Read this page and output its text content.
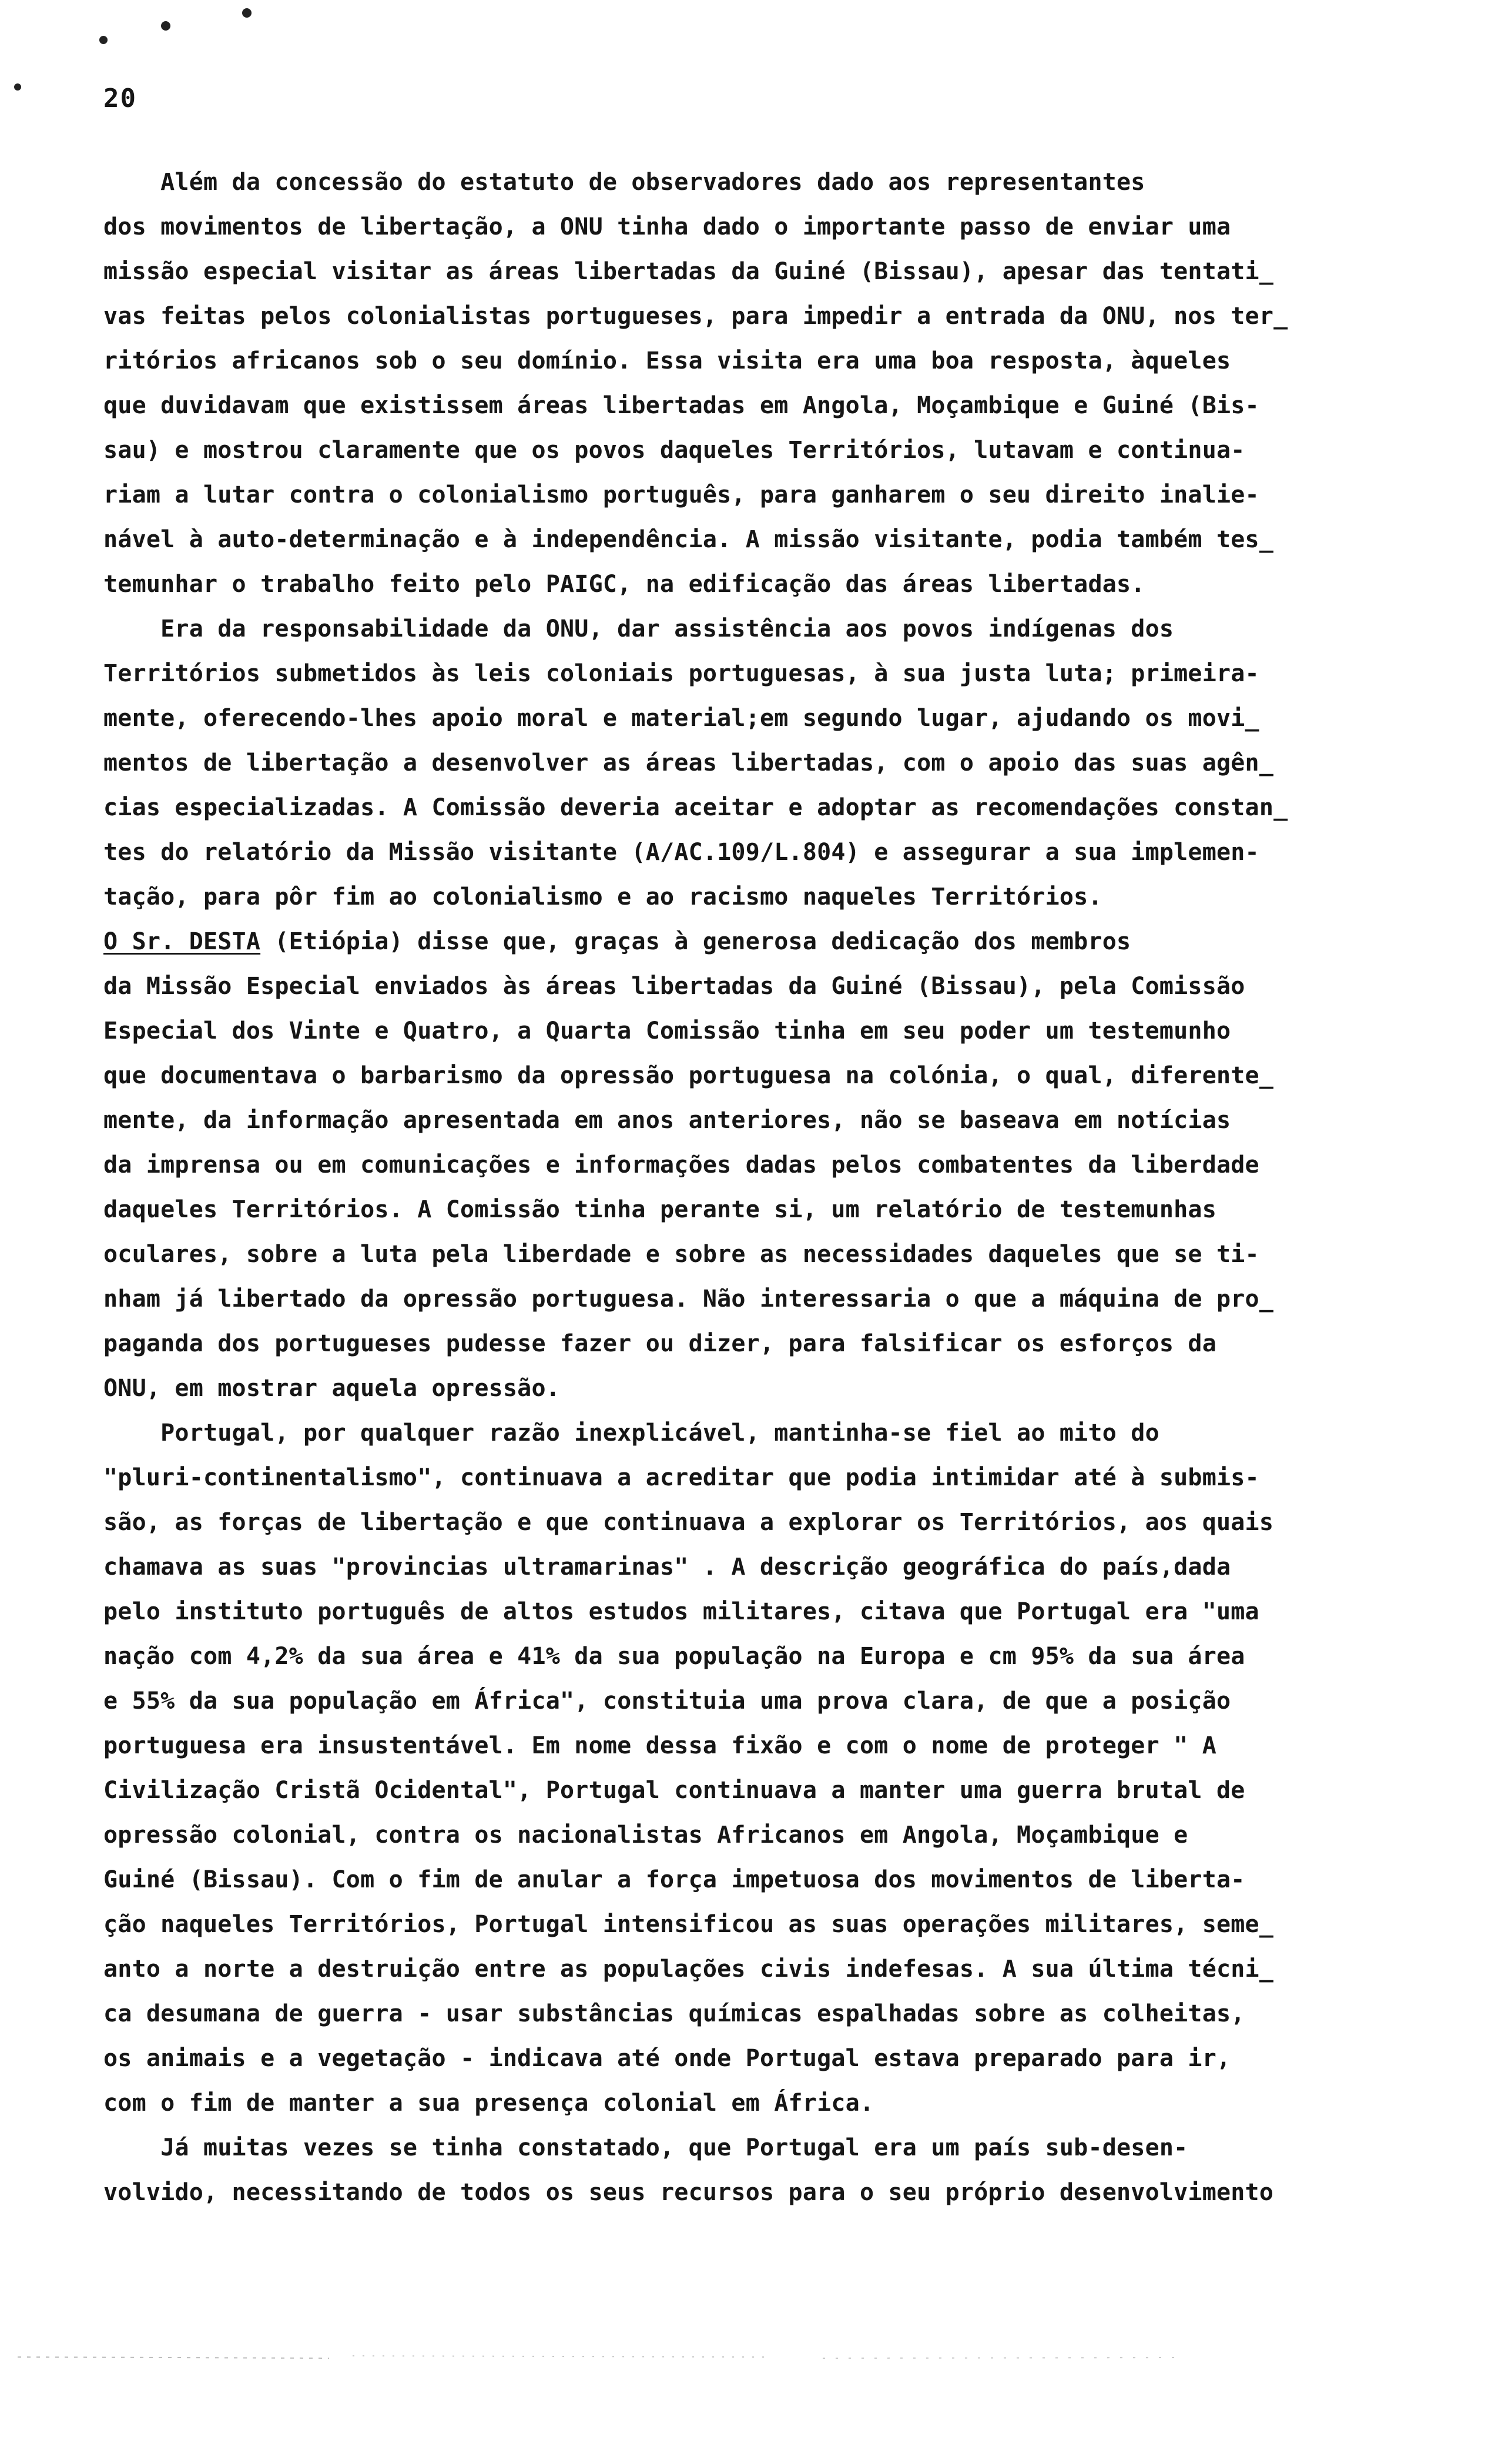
20
Além da concessão do estatuto de observadores dado aos representantes
dos movimentos de libertação, a ONU tinha dado o importante passo de enviar uma
missão especial visitar as áreas libertadas da Guiné (Bissau), apesar das tentati_
vas feitas pelos colonialistas portugueses, para impedir a entrada da ONU, nos ter_
ritórios africanos sob o seu domínio. Essa visita era uma boa resposta, àqueles
que duvidavam que existissem áreas libertadas em Angola, Moçambique e Guiné (Bis-
sau) e mostrou claramente que os povos daqueles Territórios, lutavam e continua-
riam a lutar contra o colonialismo português, para ganharem o seu direito inalie-
nável à auto-determinação e à independência. A missão visitante, podia também tes_
temunhar o trabalho feito pelo PAIGC, na edificação das áreas libertadas.
Era da responsabilidade da ONU, dar assistência aos povos indígenas dos
Territórios submetidos às leis coloniais portuguesas, à sua justa luta; primeira-
mente, oferecendo-lhes apoio moral e material;em segundo lugar, ajudando os movi_
mentos de libertação a desenvolver as áreas libertadas, com o apoio das suas agên_
cias especializadas. A Comissão deveria aceitar e adoptar as recomendações constan_
tes do relatório da Missão visitante (A/AC.109/L.804) e assegurar a sua implemen-
tação, para pôr fim ao colonialismo e ao racismo naqueles Territórios.
O Sr. DESTA (Etiópia) disse que, graças à generosa dedicação dos membros
da Missão Especial enviados às áreas libertadas da Guiné (Bissau), pela Comissão
Especial dos Vinte e Quatro, a Quarta Comissão tinha em seu poder um testemunho
que documentava o barbarismo da opressão portuguesa na colónia, o qual, diferente_
mente, da informação apresentada em anos anteriores, não se baseava em notícias
da imprensa ou em comunicações e informações dadas pelos combatentes da liberdade
daqueles Territórios. A Comissão tinha perante si, um relatório de testemunhas
oculares, sobre a luta pela liberdade e sobre as necessidades daqueles que se ti-
nham já libertado da opressão portuguesa. Não interessaria o que a máquina de pro_
paganda dos portugueses pudesse fazer ou dizer, para falsificar os esforços da
ONU, em mostrar aquela opressão.
Portugal, por qualquer razão inexplicável, mantinha-se fiel ao mito do
"pluri-continentalismo", continuava a acreditar que podia intimidar até à submis-
são, as forças de libertação e que continuava a explorar os Territórios, aos quais
chamava as suas "provincias ultramarinas" . A descrição geográfica do país,dada
pelo instituto português de altos estudos militares, citava que Portugal era "uma
nação com 4,2% da sua área e 41% da sua população na Europa e cm 95% da sua área
e 55% da sua população em África", constituia uma prova clara, de que a posição
portuguesa era insustentável. Em nome dessa fixão e com o nome de proteger " A
Civilização Cristã Ocidental", Portugal continuava a manter uma guerra brutal de
opressão colonial, contra os nacionalistas Africanos em Angola, Moçambique e
Guiné (Bissau). Com o fim de anular a força impetuosa dos movimentos de liberta-
ção naqueles Territórios, Portugal intensificou as suas operações militares, seme_
anto a norte a destruição entre as populações civis indefesas. A sua última técni_
ca desumana de guerra - usar substâncias químicas espalhadas sobre as colheitas,
os animais e a vegetação - indicava até onde Portugal estava preparado para ir,
com o fim de manter a sua presença colonial em África.
Já muitas vezes se tinha constatado, que Portugal era um país sub-desen-
volvido, necessitando de todos os seus recursos para o seu próprio desenvolvimento
